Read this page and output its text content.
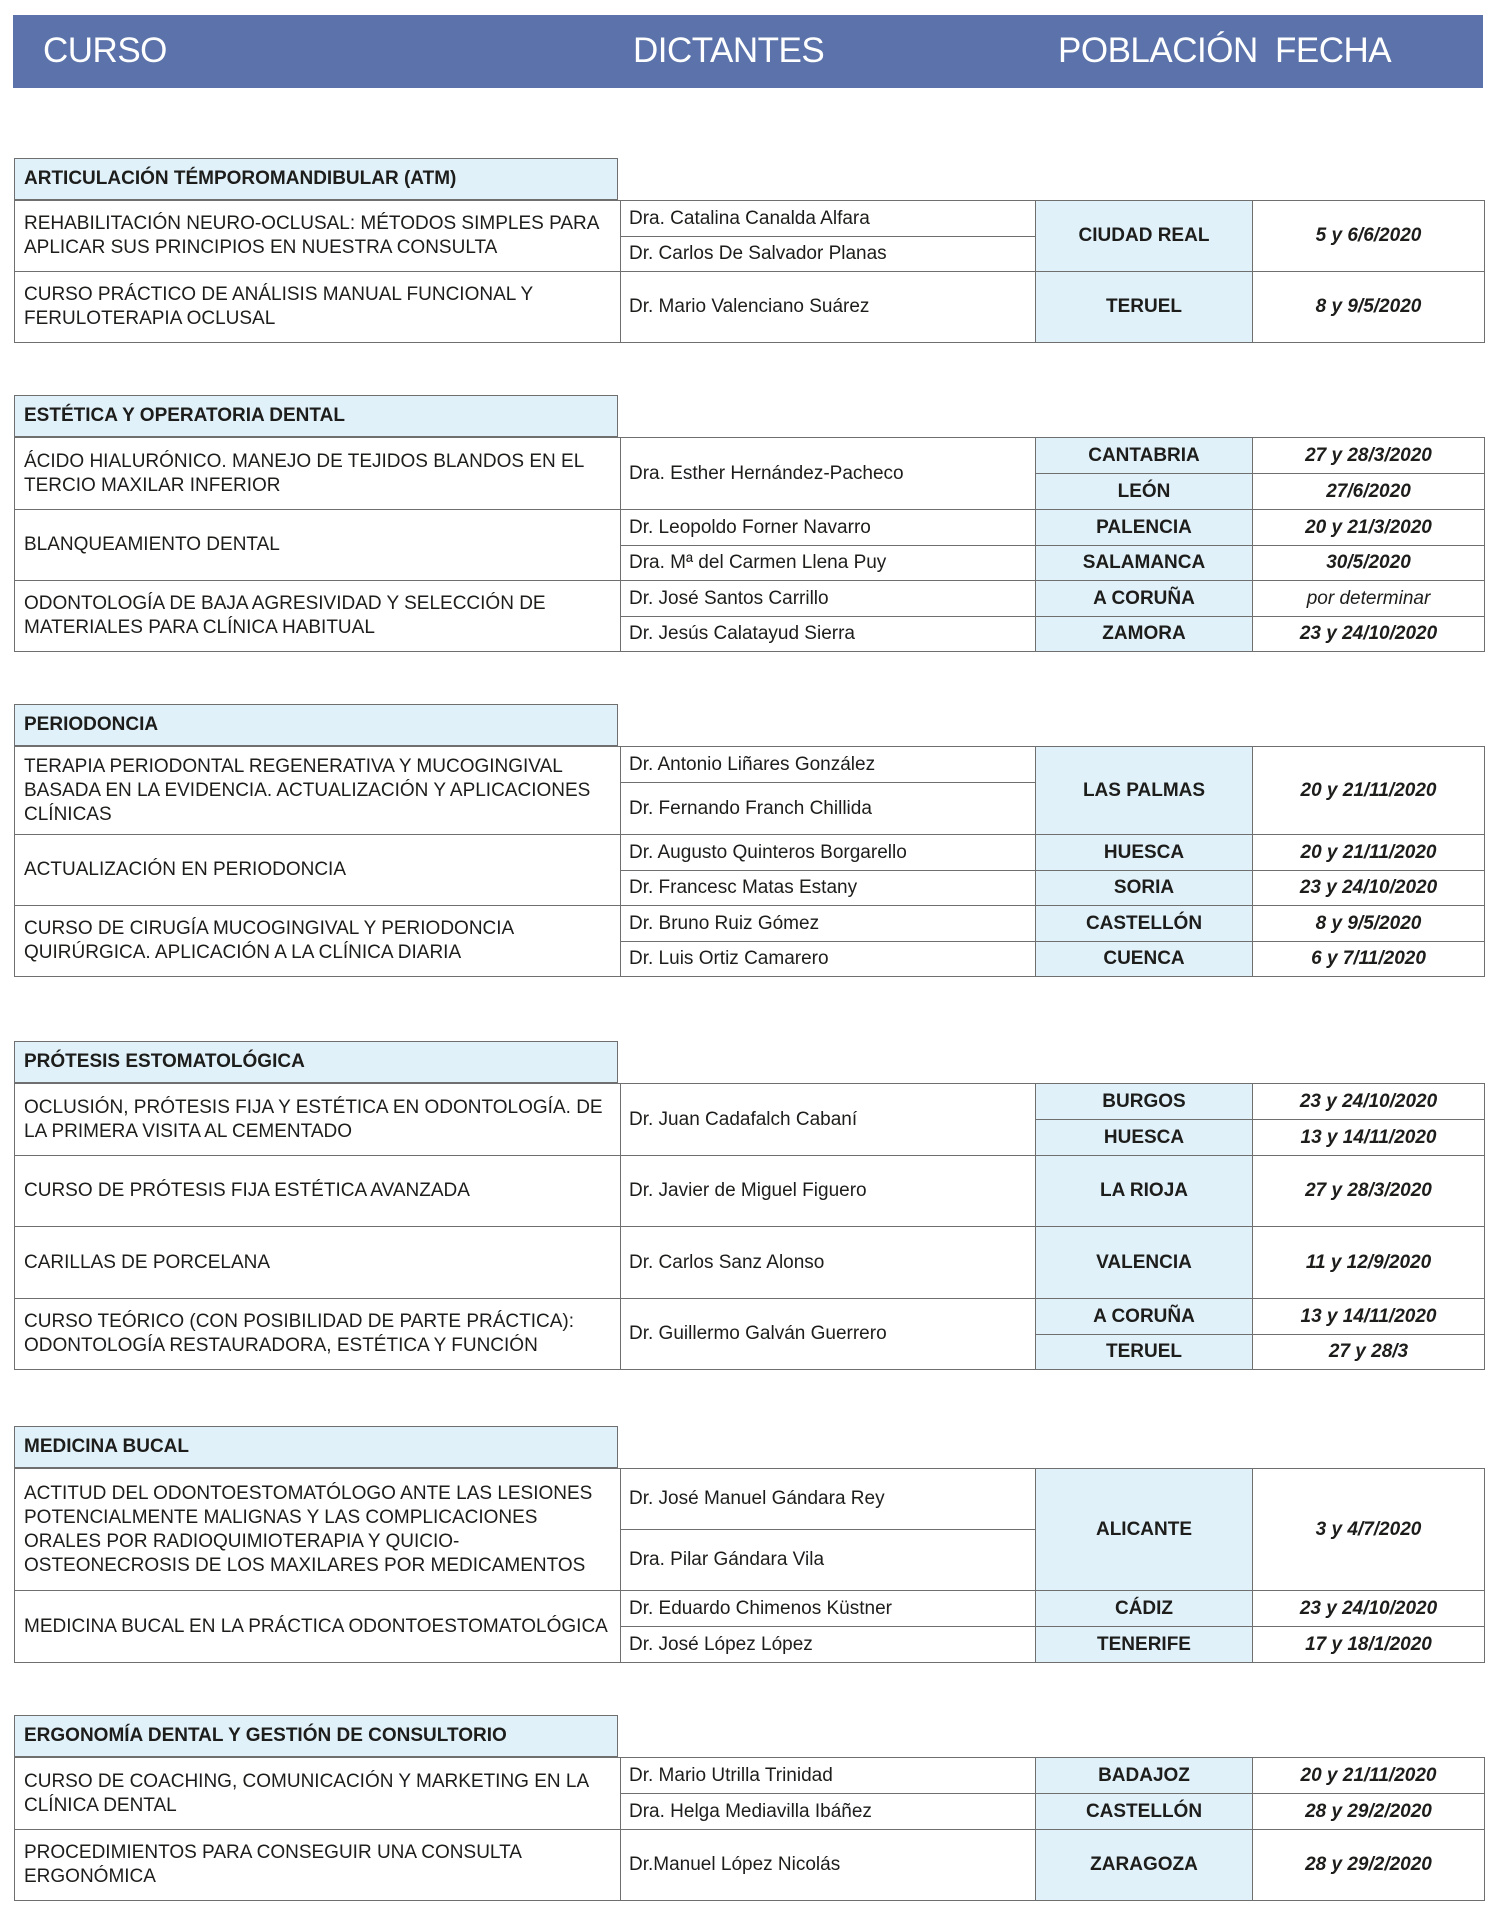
CURSO	DICTANTES	POBLACIÓN FECHA
ARTICULACIÓN TÉMPOROMANDIBULAR (ATM)
REHABILITACIÓN NEURO-OCLUSAL: MÉTODOS SIMPLES PARA APLICAR SUS PRINCIPIOS EN NUESTRA CONSULTA	Dra. Catalina Canalda Alfara	CIUDAD REAL	5 y 6/6/2020
	Dr. Carlos De Salvador Planas		
CURSO PRÁCTICO DE ANÁLISIS MANUAL FUNCIONAL Y FERULOTERAPIA OCLUSAL	Dr. Mario Valenciano Suárez	TERUEL	8 y 9/5/2020
ESTÉTICA Y OPERATORIA DENTAL
ÁCIDO HIALURÓNICO. MANEJO DE TEJIDOS BLANDOS EN EL TERCIO MAXILAR INFERIOR	Dra. Esther Hernández-Pacheco	CANTABRIA	27 y 28/3/2020
		LEÓN	27/6/2020
BLANQUEAMIENTO DENTAL	Dr. Leopoldo Forner Navarro	PALENCIA	20 y 21/3/2020
	Dra. Mª del Carmen Llena Puy	SALAMANCA	30/5/2020
ODONTOLOGÍA DE BAJA AGRESIVIDAD Y SELECCIÓN DE MATERIALES PARA CLÍNICA HABITUAL	Dr. José Santos Carrillo	A CORUÑA	por determinar
	Dr. Jesús Calatayud Sierra	ZAMORA	23 y 24/10/2020
PERIODONCIA
TERAPIA PERIODONTAL REGENERATIVA Y MUCOGINGIVAL BASADA EN LA EVIDENCIA. ACTUALIZACIÓN Y APLICACIONES CLÍNICAS	Dr. Antonio Liñares González	LAS PALMAS	20 y 21/11/2020
	Dr. Fernando Franch Chillida		
ACTUALIZACIÓN EN PERIODONCIA	Dr. Augusto Quinteros Borgarello	HUESCA	20 y 21/11/2020
	Dr. Francesc Matas Estany	SORIA	23 y 24/10/2020
CURSO DE CIRUGÍA MUCOGINGIVAL Y PERIODONCIA QUIRÚRGICA. APLICACIÓN A LA CLÍNICA DIARIA	Dr. Bruno Ruiz Gómez	CASTELLÓN	8 y 9/5/2020
	Dr. Luis Ortiz Camarero	CUENCA	6 y 7/11/2020
PRÓTESIS ESTOMATOLÓGICA
OCLUSIÓN, PRÓTESIS FIJA Y ESTÉTICA EN ODONTOLOGÍA. DE LA PRIMERA VISITA AL CEMENTADO	Dr. Juan Cadafalch Cabaní	BURGOS	23 y 24/10/2020
		HUESCA	13 y 14/11/2020
CURSO DE PRÓTESIS FIJA ESTÉTICA AVANZADA	Dr. Javier de Miguel Figuero	LA RIOJA	27 y 28/3/2020
CARILLAS DE PORCELANA	Dr. Carlos Sanz Alonso	VALENCIA	11 y 12/9/2020
CURSO TEÓRICO (CON POSIBILIDAD DE PARTE PRÁCTICA): ODONTOLOGÍA RESTAURADORA, ESTÉTICA Y FUNCIÓN	Dr. Guillermo Galván Guerrero	A CORUÑA	13 y 14/11/2020
		TERUEL	27 y 28/3
MEDICINA BUCAL
ACTITUD DEL ODONTOESTOMATÓLOGO ANTE LAS LESIONES POTENCIALMENTE MALIGNAS Y LAS COMPLICACIONES ORALES POR RADIOQUIMIOTERAPIA Y QUICIO-OSTEONECROSIS DE LOS MAXILARES POR MEDICAMENTOS	Dr. José Manuel Gándara Rey	ALICANTE	3 y 4/7/2020
	Dra. Pilar Gándara Vila		
MEDICINA BUCAL EN LA PRÁCTICA ODONTOESTOMATOLÓGICA	Dr. Eduardo Chimenos Küstner	CÁDIZ	23 y 24/10/2020
	Dr. José López López	TENERIFE	17 y 18/1/2020
ERGONOMÍA DENTAL Y GESTIÓN DE CONSULTORIO
CURSO DE COACHING, COMUNICACIÓN Y MARKETING EN LA CLÍNICA DENTAL	Dr. Mario Utrilla Trinidad	BADAJOZ	20 y 21/11/2020
	Dra. Helga Mediavilla Ibáñez	CASTELLÓN	28 y 29/2/2020
PROCEDIMIENTOS PARA CONSEGUIR UNA CONSULTA ERGONÓMICA	Dr.Manuel López Nicolás	ZARAGOZA	28 y 29/2/2020
